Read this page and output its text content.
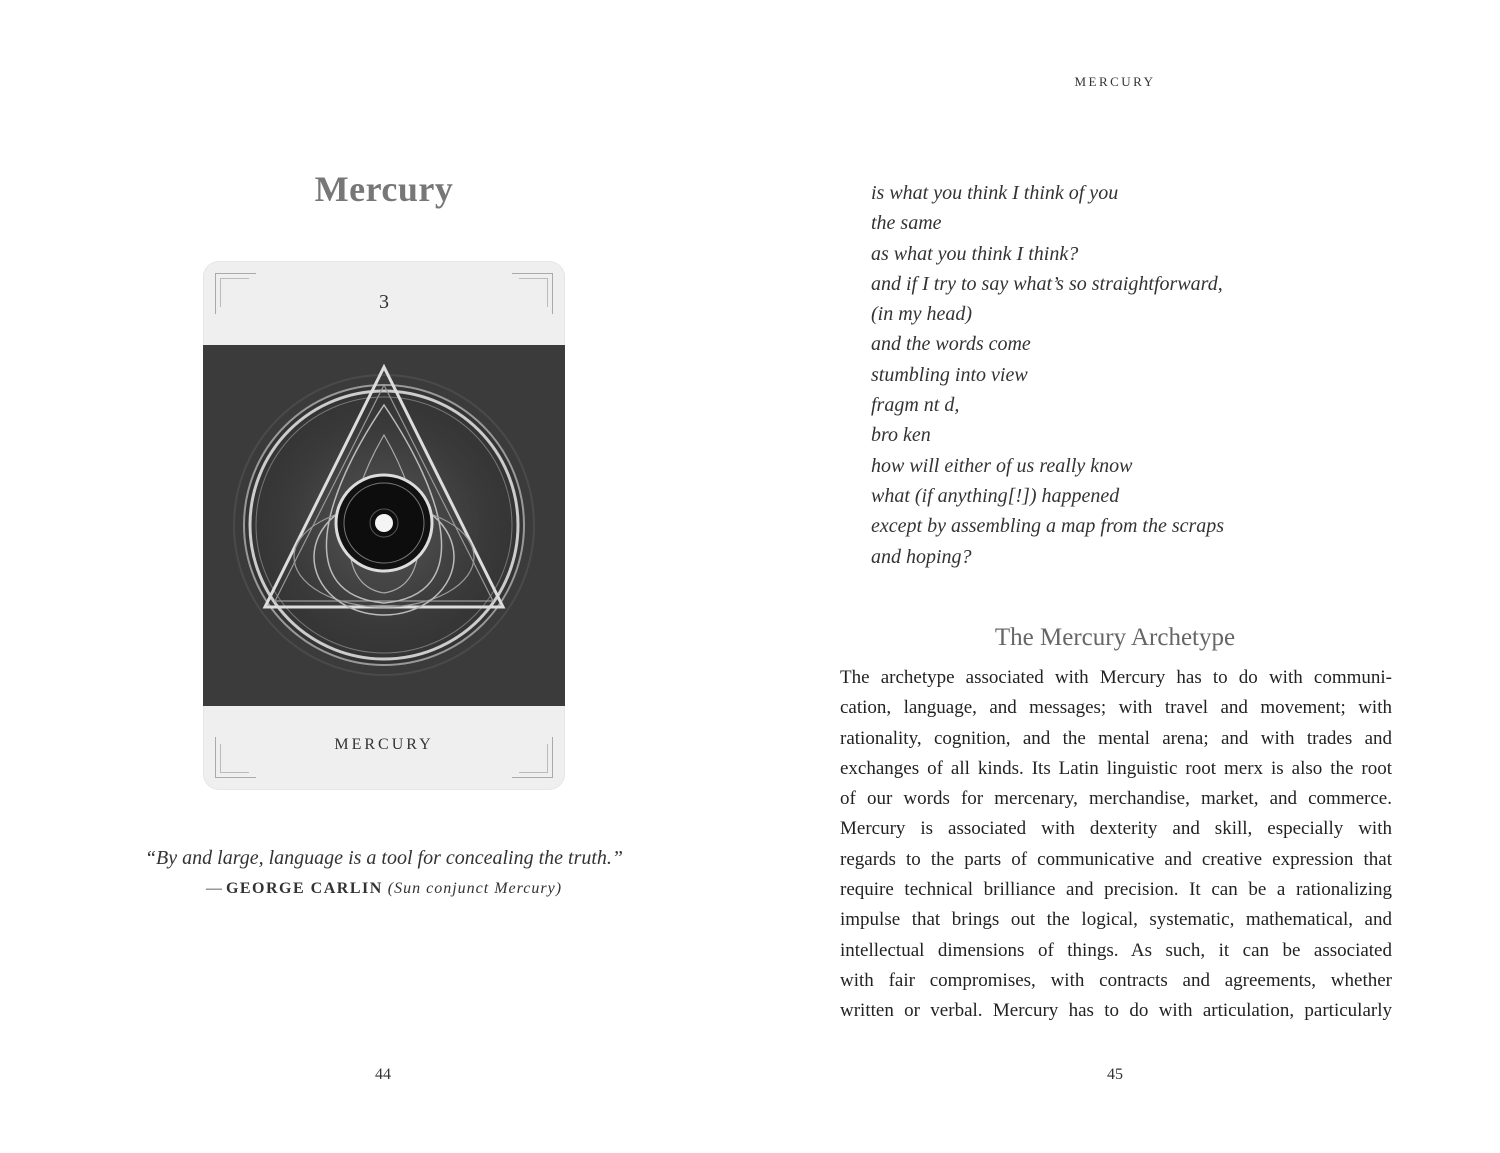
Mercury
3
MERCURY
“By and large, language is a tool for concealing the truth.”
— GEORGE CARLIN (Sun conjunct Mercury)
44
MERCURY
is what you think I think of you
the same
as what you think I think?
and if I try to say what’s so straightforward,
(in my head)
and the words come
stumbling into view
fragm nt d,
bro ken
how will either of us really know
what (if anything[!]) happened
except by assembling a map from the scraps
and hoping?
The Mercury Archetype
The archetype associated with Mercury has to do with communi-
cation, language, and messages; with travel and movement; with
rationality, cognition, and the mental arena; and with trades and
exchanges of all kinds. Its Latin linguistic root merx is also the root
of our words for mercenary, merchandise, market, and commerce.
Mercury is associated with dexterity and skill, especially with
regards to the parts of communicative and creative expression that
require technical brilliance and precision. It can be a rationalizing
impulse that brings out the logical, systematic, mathematical, and
intellectual dimensions of things. As such, it can be associated
with fair compromises, with contracts and agreements, whether
written or verbal. Mercury has to do with articulation, particularly
45
